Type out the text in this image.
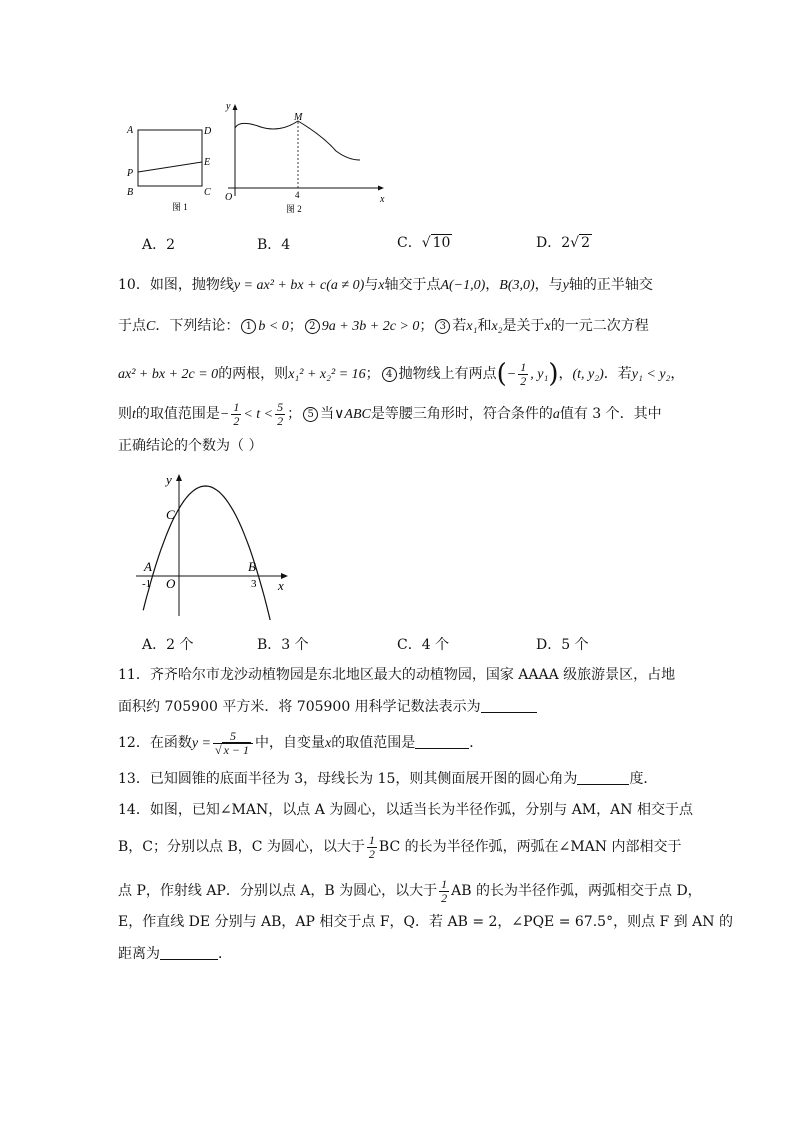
A	D
P
E
B	C
图 1
y
M
O	4	x
图 2
A．2	B．4	C．√ 10	D．2√ 2
10．如图，抛物线y = ax² + bx + c(a ≠ 0)与x轴交于点A(−1,0)，B(3,0)，与y轴的正半轴交
于点C．下列结论： 1 b < 0； 2 9a + 3b + 2c > 0； 3 若x₁和x₂是关于x的一元二次方程
ax² + bx + 2c = 0的两根，则x₁² + x₂² = 16； 4 抛物线上有两点(− $\frac{1}{2}$ , y₁)，(t, y₂)．若y₁ < y₂，
则t的取值范围是− $\frac{1}{2} < t < \frac{5}{2}$ ； 5 当∨ABC是等腰三角形时，符合条件的a值有 3 个．其中
正确结论的个数为（ ）
y
C
A	B
-1 O	3 x
A．2 个	B．3 个	C．4 个	D．5 个
11．齐齐哈尔市龙沙动植物园是东北地区最大的动植物园，国家 AAAA 级旅游景区，占地
面积约 705900 平方米．将 705900 用科学记数法表示为
12．在函数$y = \frac{5}{√ x - 1}$ 中，自变量x的取值范围是	．
13．已知圆锥的底面半径为 3，母线长为 15，则其侧面展开图的圆心角为	度．
14．如图，已知∠MAN，以点 A 为圆心，以适当长为半径作弧，分别与 AM，AN 相交于点
B，C；分别以点 B，C 为圆心，以大于 $\frac{1}{2}$ BC 的长为半径作弧，两弧在∠MAN 内部相交于
点 P，作射线 AP．分别以点 A，B 为圆心，以大于 $\frac{1}{2}$ AB 的长为半径作弧，两弧相交于点 D，
E，作直线 DE 分别与 AB，AP 相交于点 F，Q．若 AB = 2，∠PQE = 67.5°，则点 F 到 AN 的
距离为	．
